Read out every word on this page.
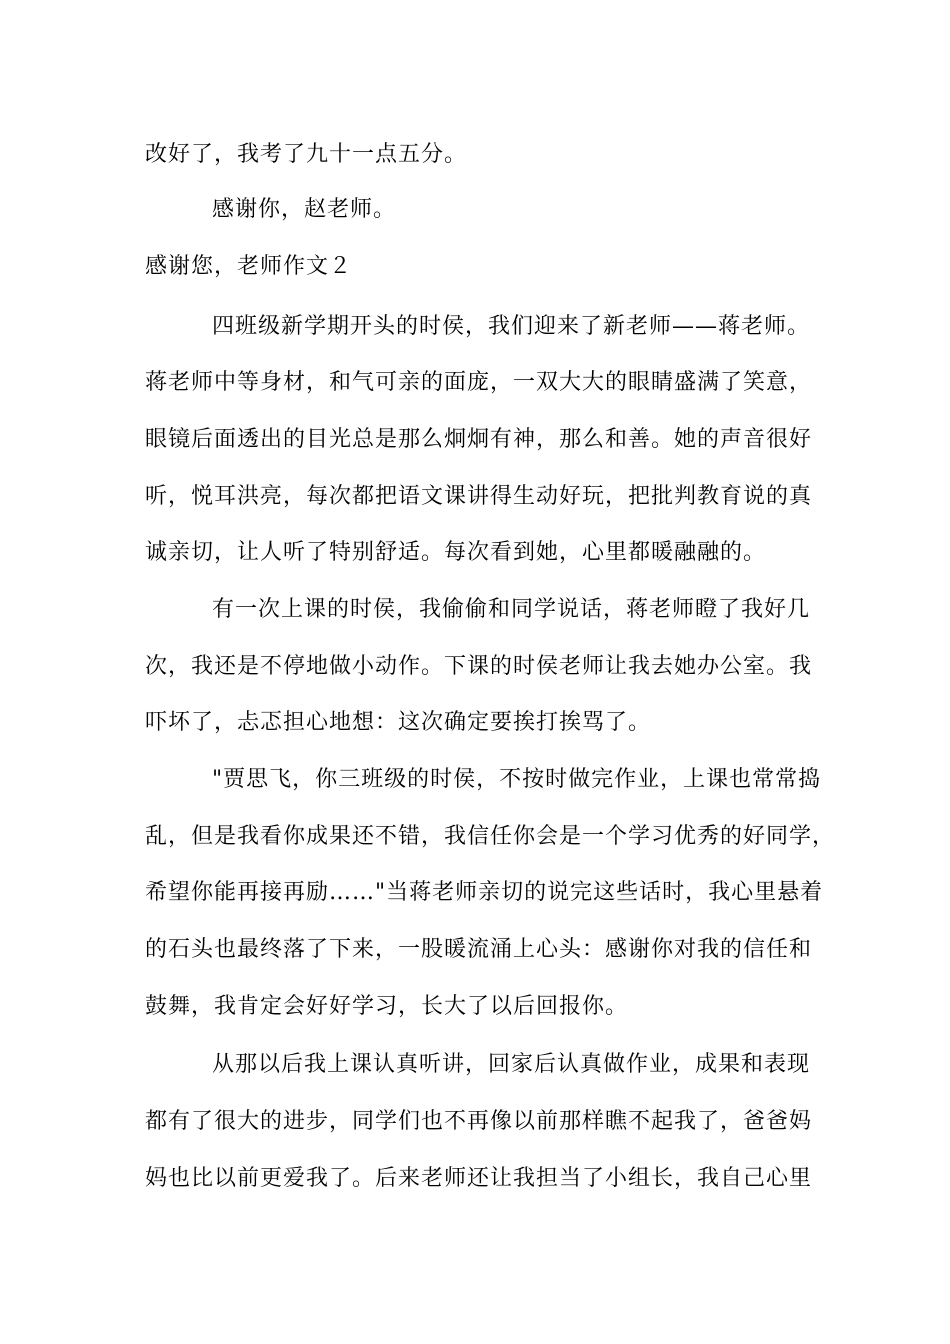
改好了，我考了九十一点五分。
感谢你，赵老师。
感谢您，老师作文２
四班级新学期开头的时侯，我们迎来了新老师——蒋老师。
蒋老师中等身材，和气可亲的面庞，一双大大的眼睛盛满了笑意，
眼镜后面透出的目光总是那么炯炯有神，那么和善。她的声音很好
听，悦耳洪亮，每次都把语文课讲得生动好玩，把批判教育说的真
诚亲切，让人听了特别舒适。每次看到她，心里都暖融融的。
有一次上课的时侯，我偷偷和同学说话，蒋老师瞪了我好几
次，我还是不停地做小动作。下课的时侯老师让我去她办公室。我
吓坏了，忐忑担心地想：这次确定要挨打挨骂了。
"贾思飞，你三班级的时侯，不按时做完作业，上课也常常捣
乱，但是我看你成果还不错，我信任你会是一个学习优秀的好同学，
希望你能再接再励……"当蒋老师亲切的说完这些话时，我心里悬着
的石头也最终落了下来，一股暖流涌上心头：感谢你对我的信任和
鼓舞，我肯定会好好学习，长大了以后回报你。
从那以后我上课认真听讲，回家后认真做作业，成果和表现
都有了很大的进步，同学们也不再像以前那样瞧不起我了，爸爸妈
妈也比以前更爱我了。后来老师还让我担当了小组长，我自己心里
